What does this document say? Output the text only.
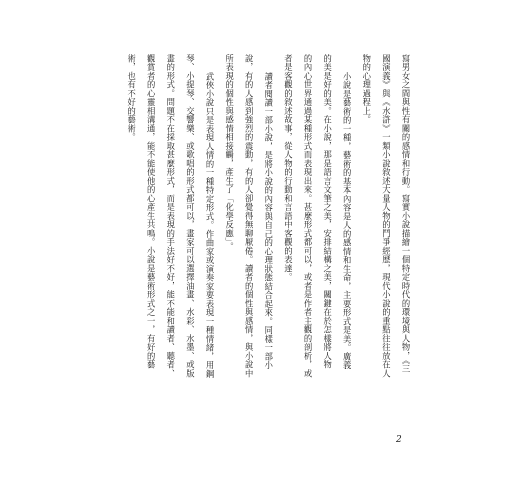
寫男女之間與性有關的感情和行動。寫實小說描繪一個特定時代的環境與人物，《三

國演義》與《水滸》一類小說敘述大量人物的鬥爭經歷，現代小說的重點往往放在人

物的心理過程上。

小說是藝術的一種，藝術的基本內容是人的感情和生命，主要形式是美。廣義

的美是好的美。在小說，那是語言文筆之美，安排結構之美，關鍵在於怎樣將人物

的內心世界通過某種形式而表現出來。甚麼形式都可以，或者是作者主觀的剖析，或

者是客觀的敘述故事，從人物的行動和言語中客觀的表達。

讀者閱讀一部小說，是將小說的內容與自己的心理狀態結合起來。同樣一部小

說，有的人感到強烈的震動，有的人卻覺得無聊厭倦。讀者的個性與感情，與小說中

所表現的個性與感情相接觸，產生了「化學反應」。

武俠小說只是表現人情的一種特定形式。作曲家或演奏家要表現一種情緒，用鋼

琴、小提琴、交響樂、或歌唱的形式都可以，畫家可以選擇油畫、水彩、水墨、或版

畫的形式。問題不在採取甚麼形式，而是表現的手法好不好，能不能和讀者、聽者、

觀賞者的心靈相溝通，能不能使他的心產生共鳴。小說是藝術形式之一，有好的藝

術，也有不好的藝術。

2
